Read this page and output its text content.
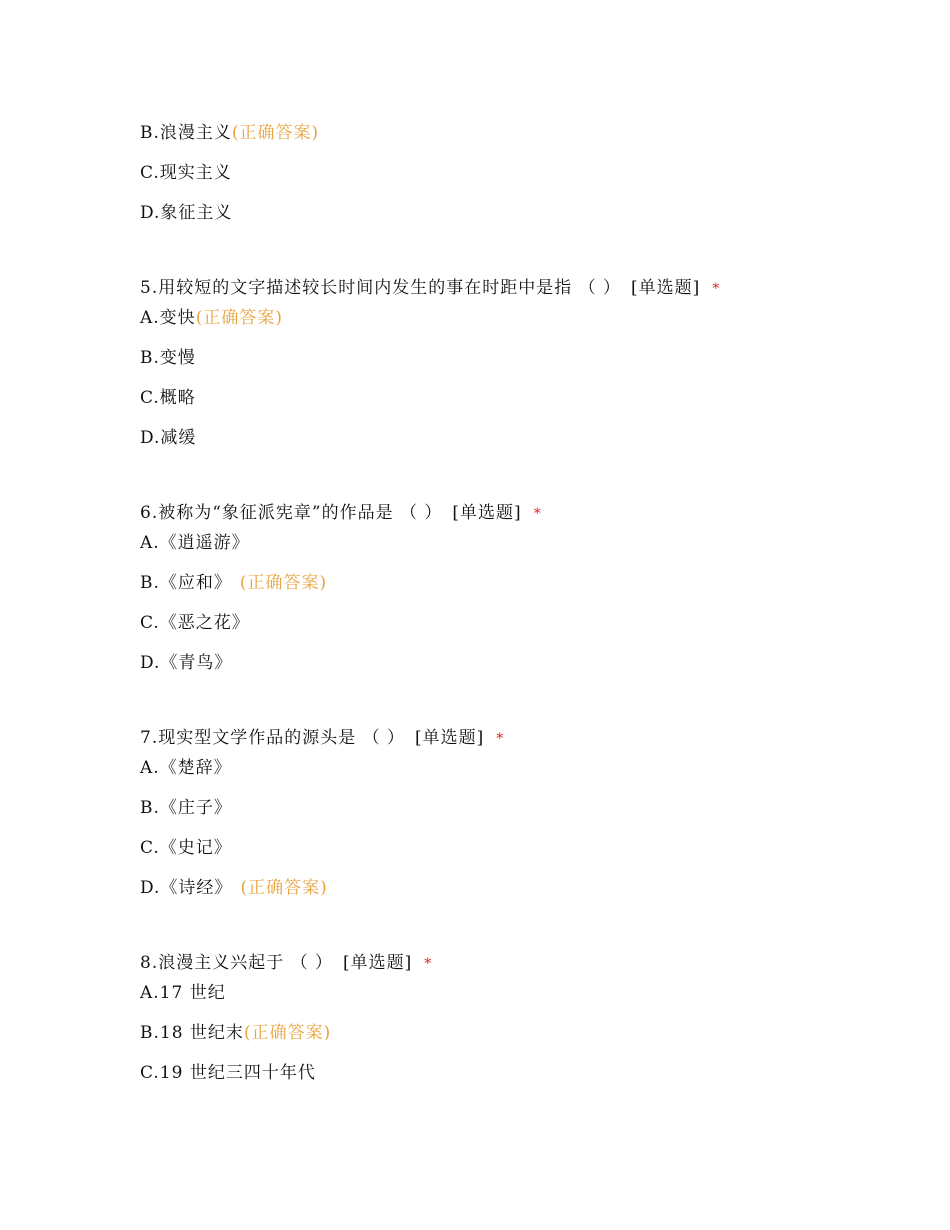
B.浪漫主义(正确答案)
C.现实主义
D.象征主义
5.用较短的文字描述较长时间内发生的事在时距中是指 （ ） [单选题] *
A.变快(正确答案)
B.变慢
C.概略
D.减缓
6.被称为“象征派宪章”的作品是 （ ） [单选题] *
A.《逍遥游》
B.《应和》 (正确答案)
C.《恶之花》
D.《青鸟》
7.现实型文学作品的源头是 （ ） [单选题] *
A.《楚辞》
B.《庄子》
C.《史记》
D.《诗经》 (正确答案)
8.浪漫主义兴起于 （ ） [单选题] *
A.17 世纪
B.18 世纪末(正确答案)
C.19 世纪三四十年代
